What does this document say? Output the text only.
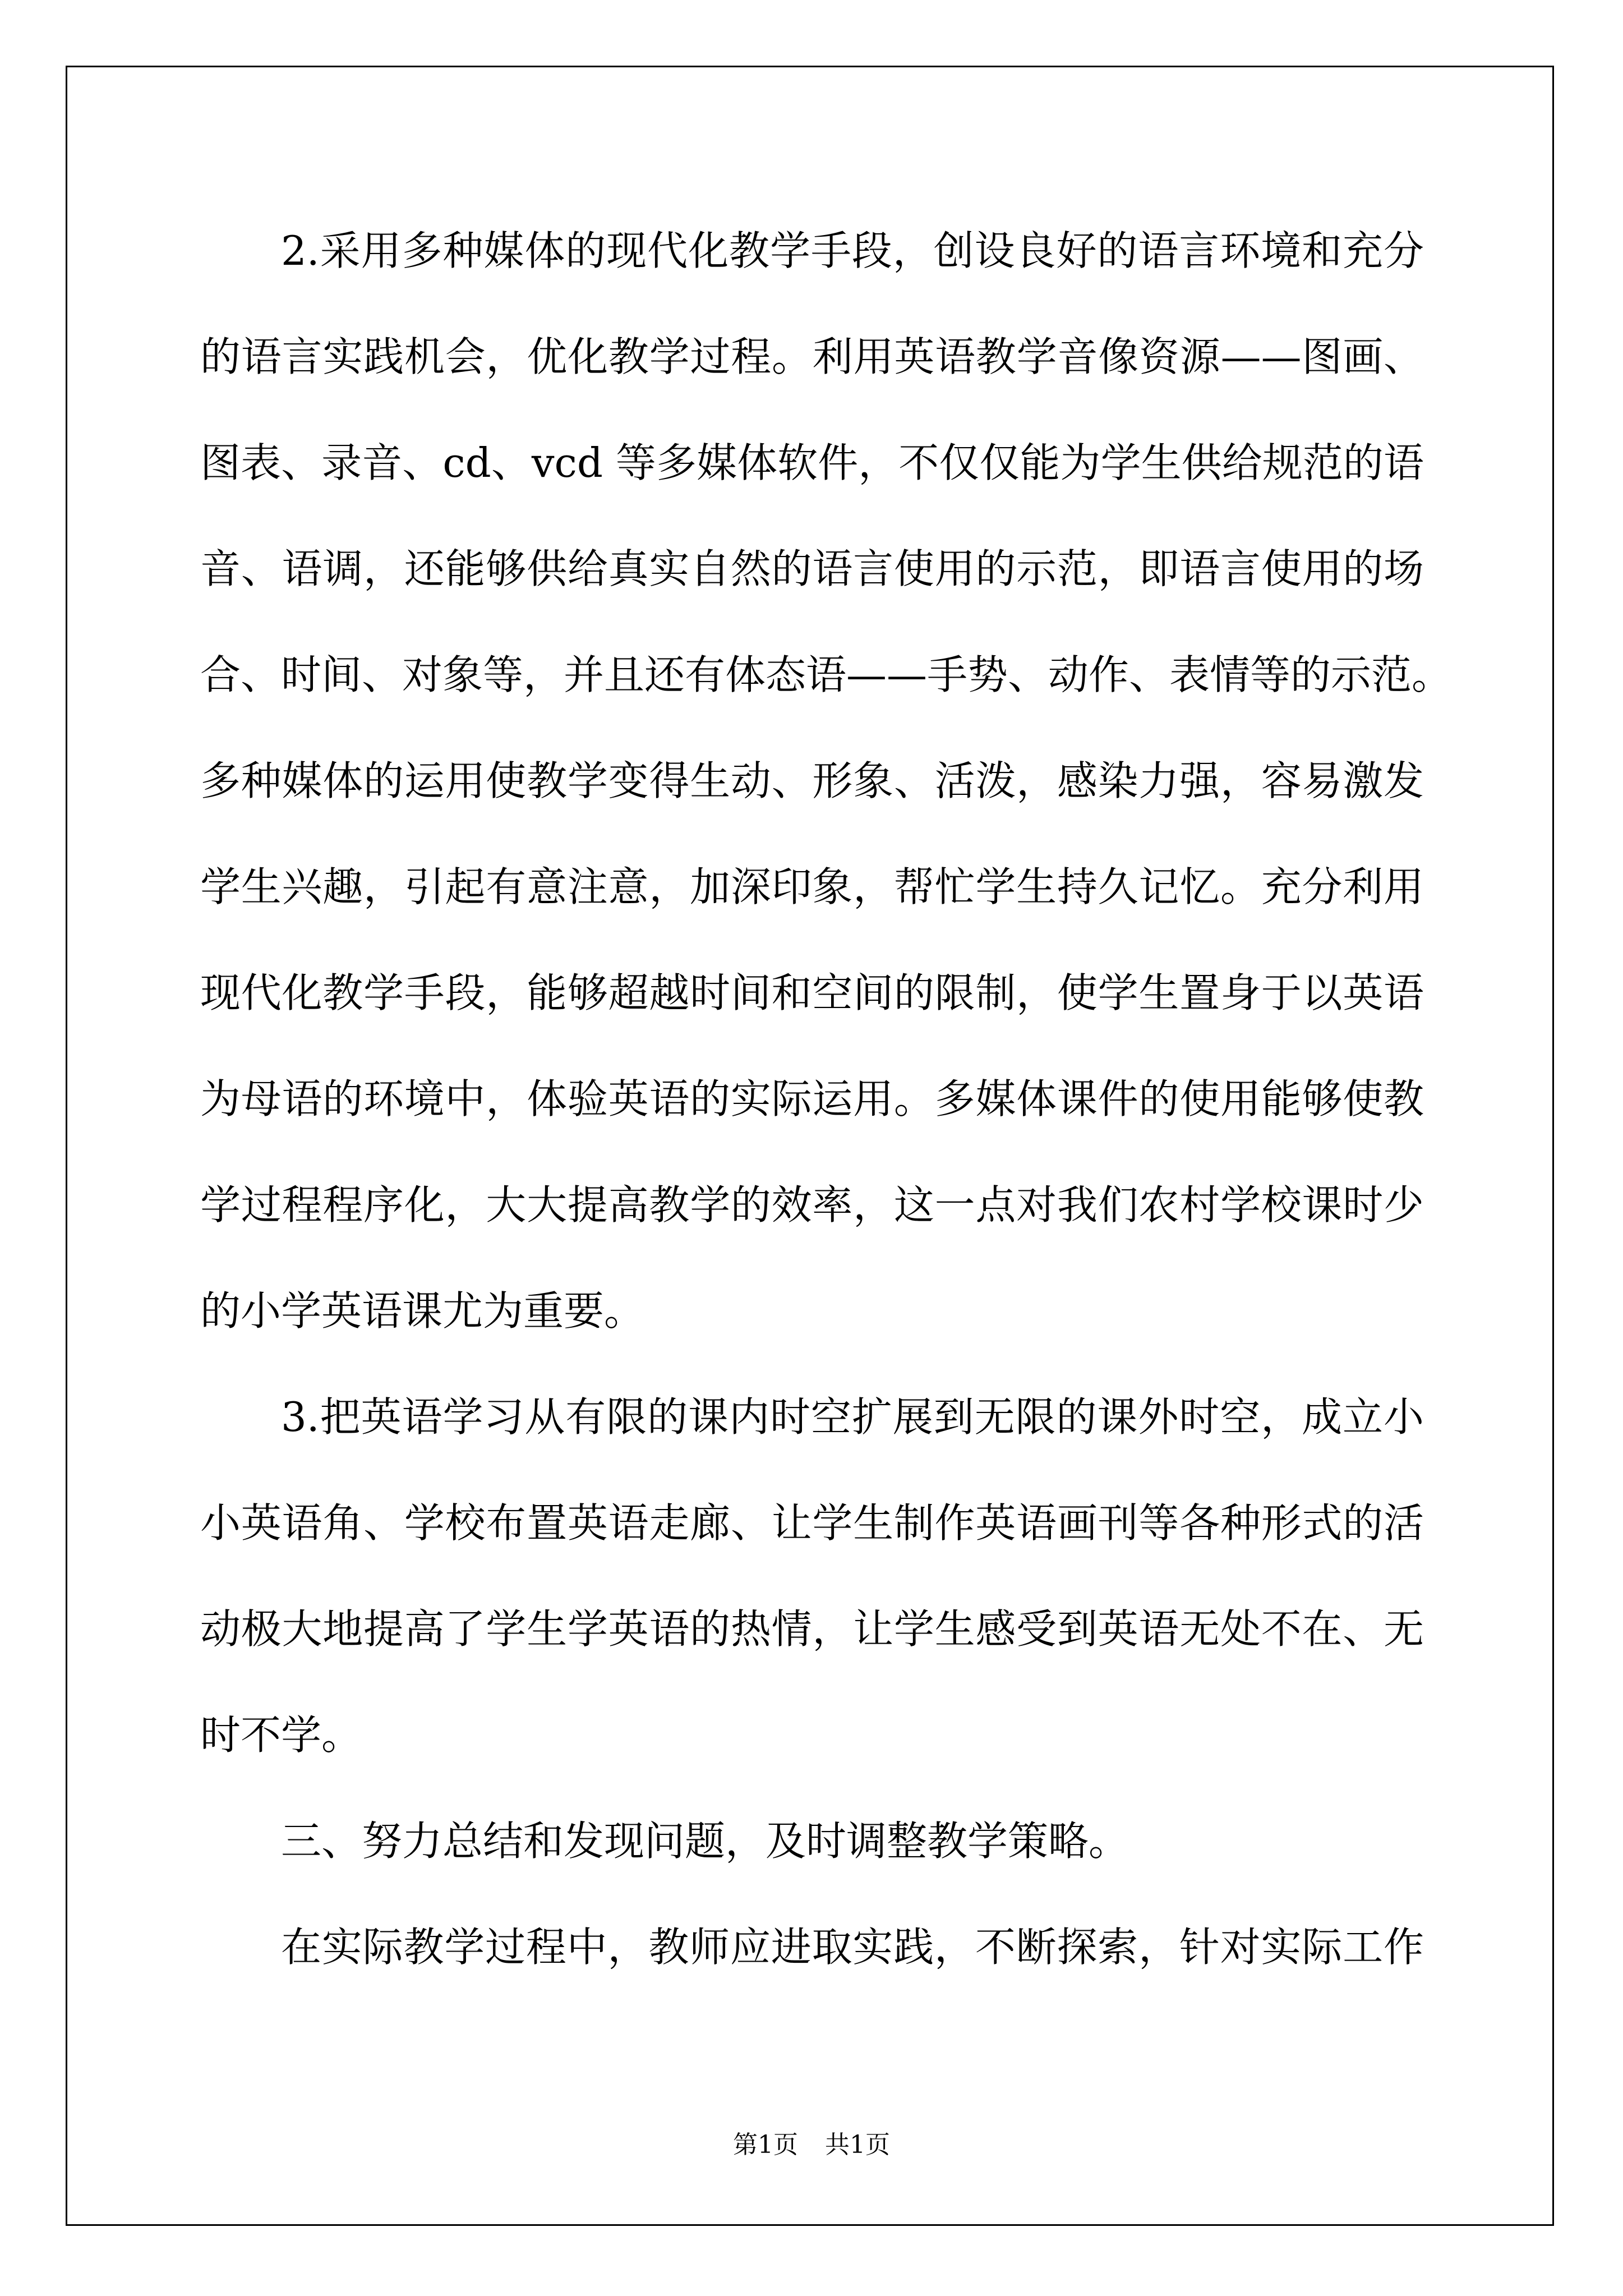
2.采用多种媒体的现代化教学手段，创设良好的语言环境和充分
的语言实践机会，优化教学过程。利用英语教学音像资源——图画、
图表、录音、cd、vcd 等多媒体软件，不仅仅能为学生供给规范的语
音、语调，还能够供给真实自然的语言使用的示范，即语言使用的场
合、时间、对象等，并且还有体态语——手势、动作、表情等的示范。
多种媒体的运用使教学变得生动、形象、活泼，感染力强，容易激发
学生兴趣，引起有意注意，加深印象，帮忙学生持久记忆。充分利用
现代化教学手段，能够超越时间和空间的限制，使学生置身于以英语
为母语的环境中，体验英语的实际运用。多媒体课件的使用能够使教
学过程程序化，大大提高教学的效率，这一点对我们农村学校课时少
的小学英语课尤为重要。
3.把英语学习从有限的课内时空扩展到无限的课外时空，成立小
小英语角、学校布置英语走廊、让学生制作英语画刊等各种形式的活
动极大地提高了学生学英语的热情，让学生感受到英语无处不在、无
时不学。
三、努力总结和发现问题，及时调整教学策略。
在实际教学过程中，教师应进取实践，不断探索，针对实际工作
第1页 共1页
